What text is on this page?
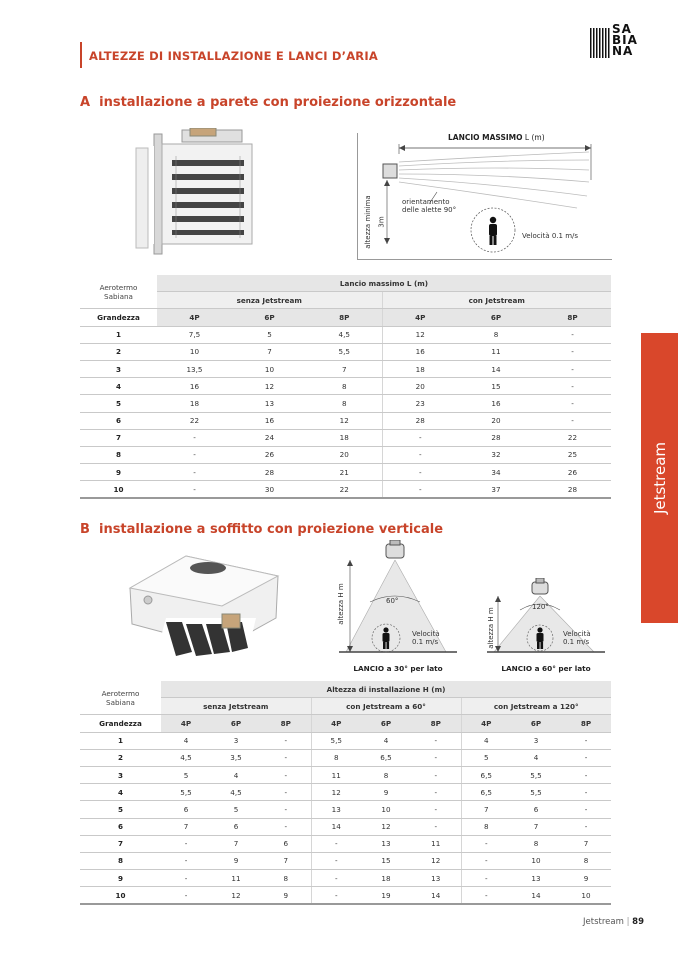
ALTEZZE DI INSTALLAZIONE E LANCI D’ARIA
SA
BIA
NA
A installazione a parete con proiezione orizzontale
LANCIO MASSIMO L (m)
orientamento
delle alette 90°
altezza minima 3m
Velocità 0.1 m/s
Aerotermo
Sabiana	Lancio massimo L (m)					
	senza Jetstream			con Jetstream		
Grandezza	4P	6P	8P	4P	6P	8P
1	7,5	5	4,5	12	8	-
2	10	7	5,5	16	11	-
3	13,5	10	7	18	14	-
4	16	12	8	20	15	-
5	18	13	8	23	16	-
6	22	16	12	28	20	-
7	-	24	18	-	28	22
8	-	26	20	-	32	25
9	-	28	21	-	34	26
10	-	30	22	-	37	28
B installazione a soffitto con proiezione verticale
altezza H m	60°
Velocità
0.1 m/s
LANCIO a 30° per lato
altezza H m
120°
Velocità
0.1 m/s
LANCIO a 60° per lato
Aerotermo
Sabiana	Altezza di installazione H (m)								
	senza Jetstream			con Jetstream a 60°			con Jetstream a 120°		
Grandezza	4P	6P	8P	4P	6P	8P	4P	6P	8P
1	4	3	-	5,5	4	-	4	3	-
2	4,5	3,5	-	8	6,5	-	5	4	-
3	5	4	-	11	8	-	6,5	5,5	-
4	5,5	4,5	-	12	9	-	6,5	5,5	-
5	6	5	-	13	10	-	7	6	-
6	7	6	-	14	12	-	8	7	-
7	-	7	6	-	13	11	-	8	7
8	-	9	7	-	15	12	-	10	8
9	-	11	8	-	18	13	-	13	9
10	-	12	9	-	19	14	-	14	10
Jetstream
Jetstream | 89
